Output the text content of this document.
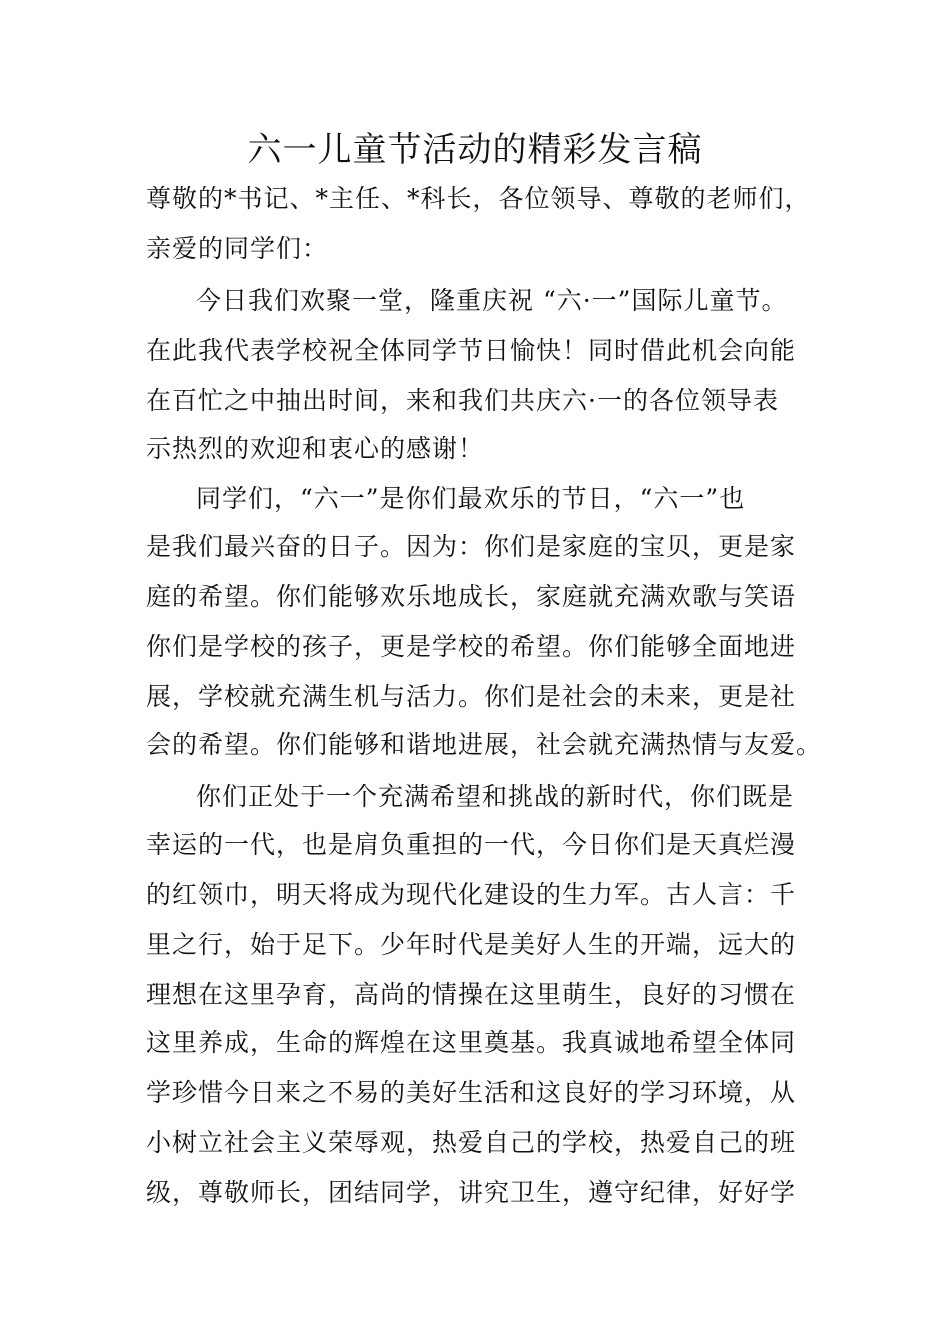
六一儿童节活动的精彩发言稿
尊敬的*书记、*主任、*科长，各位领导、尊敬的老师们，
亲爱的同学们：
今日我们欢聚一堂，隆重庆祝 “六·一”国际儿童节。
在此我代表学校祝全体同学节日愉快！同时借此机会向能
在百忙之中抽出时间，来和我们共庆六·一的各位领导表
示热烈的欢迎和衷心的感谢！
同学们，“六一”是你们最欢乐的节日，“六一”也
是我们最兴奋的日子。因为：你们是家庭的宝贝，更是家
庭的希望。你们能够欢乐地成长，家庭就充满欢歌与笑语
你们是学校的孩子，更是学校的希望。你们能够全面地进
展，学校就充满生机与活力。你们是社会的未来，更是社
会的希望。你们能够和谐地进展，社会就充满热情与友爱。
你们正处于一个充满希望和挑战的新时代，你们既是
幸运的一代，也是肩负重担的一代，今日你们是天真烂漫
的红领巾，明天将成为现代化建设的生力军。古人言：千
里之行，始于足下。少年时代是美好人生的开端，远大的
理想在这里孕育，高尚的情操在这里萌生，良好的习惯在
这里养成，生命的辉煌在这里奠基。我真诚地希望全体同
学珍惜今日来之不易的美好生活和这良好的学习环境，从
小树立社会主义荣辱观，热爱自己的学校，热爱自己的班
级，尊敬师长，团结同学，讲究卫生，遵守纪律，好好学
